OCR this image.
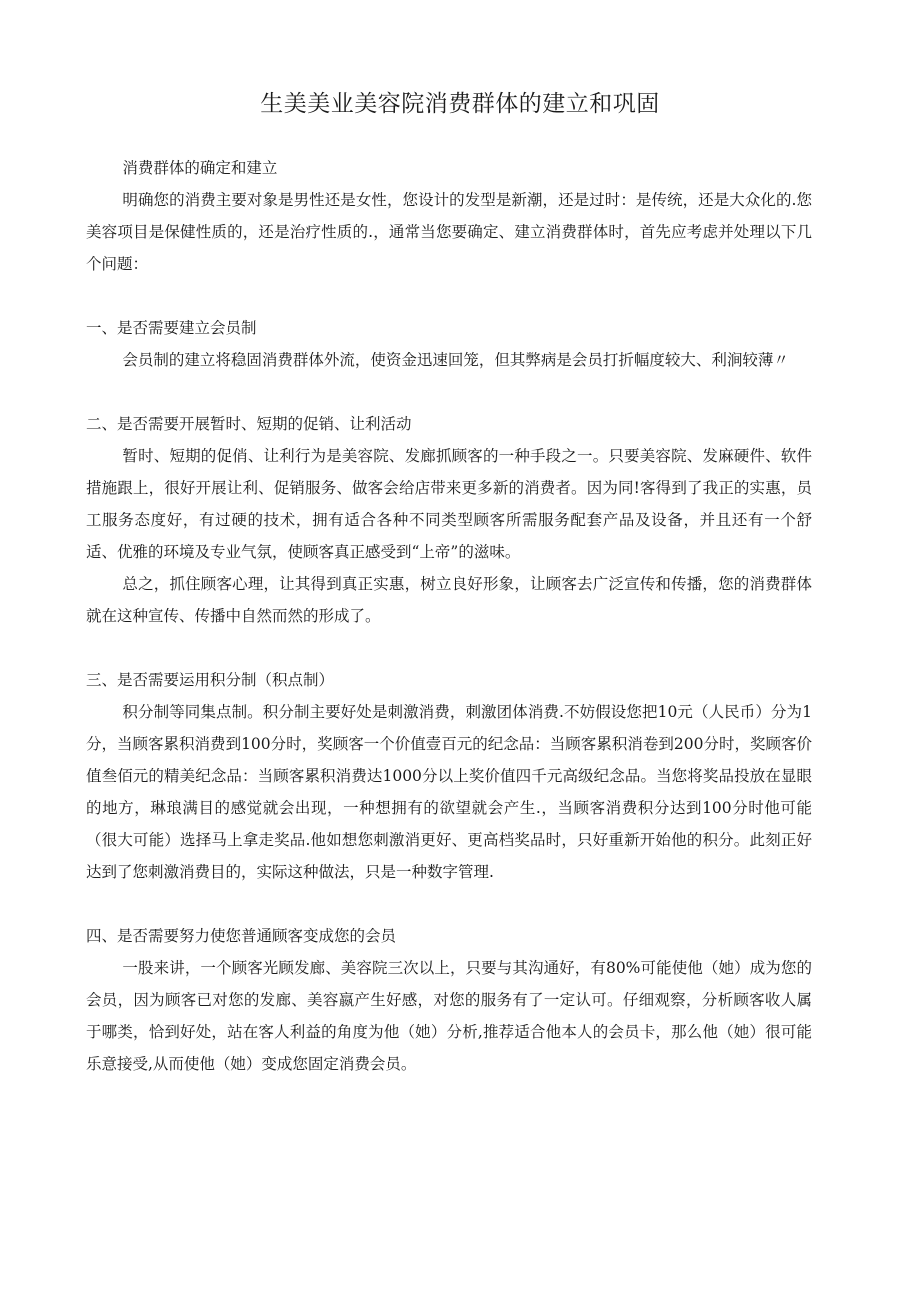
生美美业美容院消费群体的建立和巩固

消费群体的确定和建立

明确您的消费主要对象是男性还是女性，您设计的发型是新潮，还是过时：是传统，还是大众化的.您美容项目是保健性质的，还是治疗性质的.，通常当您要确定、建立消费群体时，首先应考虑并处理以下几个问题：

一、是否需要建立会员制

会员制的建立将稳固消费群体外流，使资金迅速回笼，但其弊病是会员打折幅度较大、利涧较薄〃

二、是否需要开展暂时、短期的促销、让利活动

暂时、短期的促俏、让利行为是美容院、发廊抓顾客的一种手段之一。只要美容院、发麻硬件、软件措施跟上，很好开展让利、促销服务、做客会给店带来更多新的消费者。因为同!客得到了我正的实惠，员工服务态度好，有过硬的技术，拥有适合各种不同类型顾客所需服务配套产品及设备，并且还有一个舒适、优雅的环境及专业气氛，使顾客真正感受到“上帝”的滋味。

总之，抓住顾客心理，让其得到真正实惠，树立良好形象，让顾客去广泛宣传和传播，您的消费群体就在这种宣传、传播中自然而然的形成了。

三、是否需要运用积分制（积点制）

积分制等同集点制。积分制主要好处是刺激消费，刺激团体消费.不妨假设您把10元（人民币）分为1分，当顾客累积消费到100分时，奖顾客一个价值壹百元的纪念品：当顾客累积消卷到200分时，奖顾客价值叁佰元的精美纪念品：当顾客累积消费达1000分以上奖价值四千元高级纪念品。当您将奖品投放在显眼的地方，琳琅满目的感觉就会出现，一种想拥有的欲望就会产生.，当顾客消费积分达到100分时他可能（很大可能）选择马上拿走奖品.他如想您刺激消更好、更高档奖品时，只好重新开始他的积分。此刻正好达到了您刺激消费目的，实际这种做法，只是一种数字管理.

四、是否需要努力使您普通顾客变成您的会员

一股来讲，一个顾客光顾发廊、美容院三次以上，只要与其沟通好，有80%可能使他（她）成为您的会员，因为顾客已对您的发廊、美容嬴产生好感，对您的服务有了一定认可。仔细观察，分析顾客收人属于哪类，恰到好处，站在客人利益的角度为他（她）分析,推荐适合他本人的会员卡，那么他（她）很可能乐意接受,从而使他（她）变成您固定消费会员。
